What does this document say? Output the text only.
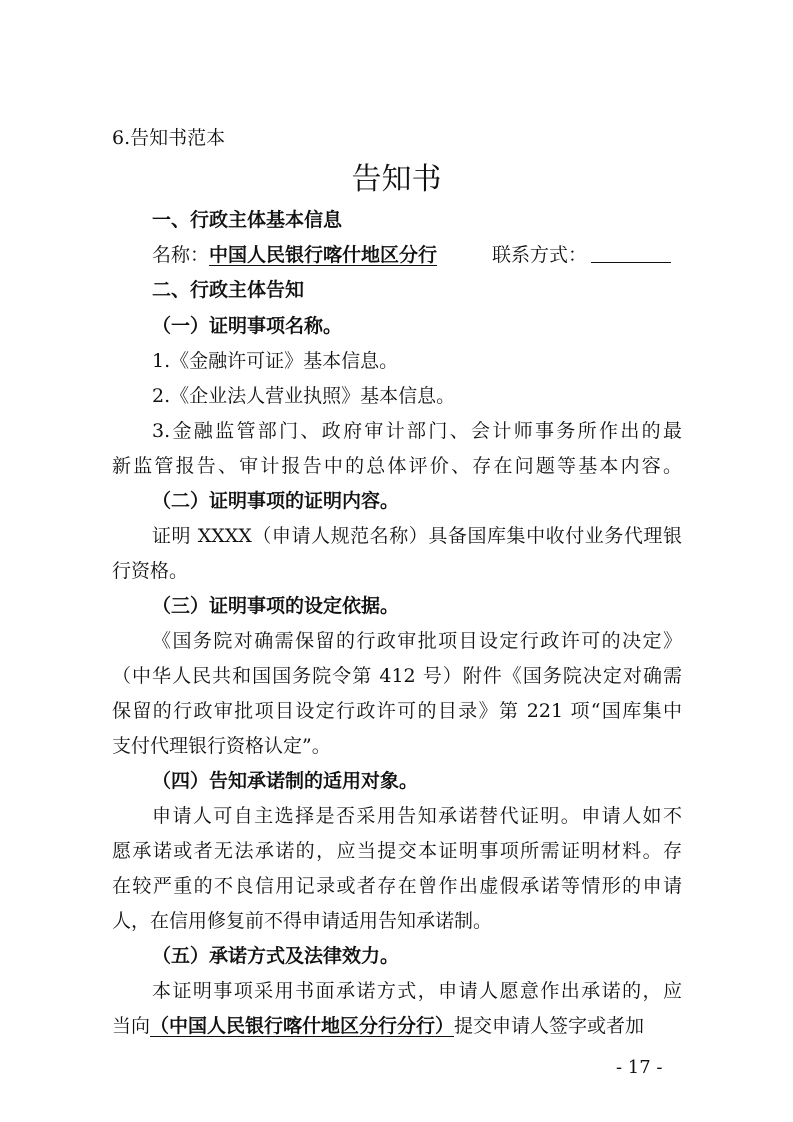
6.告知书范本
告知书
一、行政主体基本信息
名称：中国人民银行喀什地区分行	联系方式：
二、行政主体告知
（一）证明事项名称。
1.《金融许可证》基本信息。
2.《企业法人营业执照》基本信息。
3.金融监管部门、政府审计部门、会计师事务所作出的最
新监管报告、审计报告中的总体评价、存在问题等基本内容。
（二）证明事项的证明内容。
证明 XXXX（申请人规范名称）具备国库集中收付业务代理银
行资格。
（三）证明事项的设定依据。
《国务院对确需保留的行政审批项目设定行政许可的决定》
（中华人民共和国国务院令第 412 号）附件《国务院决定对确需
保留的行政审批项目设定行政许可的目录》第 221 项“国库集中
支付代理银行资格认定”。
（四）告知承诺制的适用对象。
申请人可自主选择是否采用告知承诺替代证明。申请人如不
愿承诺或者无法承诺的，应当提交本证明事项所需证明材料。存
在较严重的不良信用记录或者存在曾作出虚假承诺等情形的申请
人，在信用修复前不得申请适用告知承诺制。
（五）承诺方式及法律效力。
本证明事项采用书面承诺方式，申请人愿意作出承诺的，应
当向（中国人民银行喀什地区分行分行）提交申请人签字或者加
- 17 -
